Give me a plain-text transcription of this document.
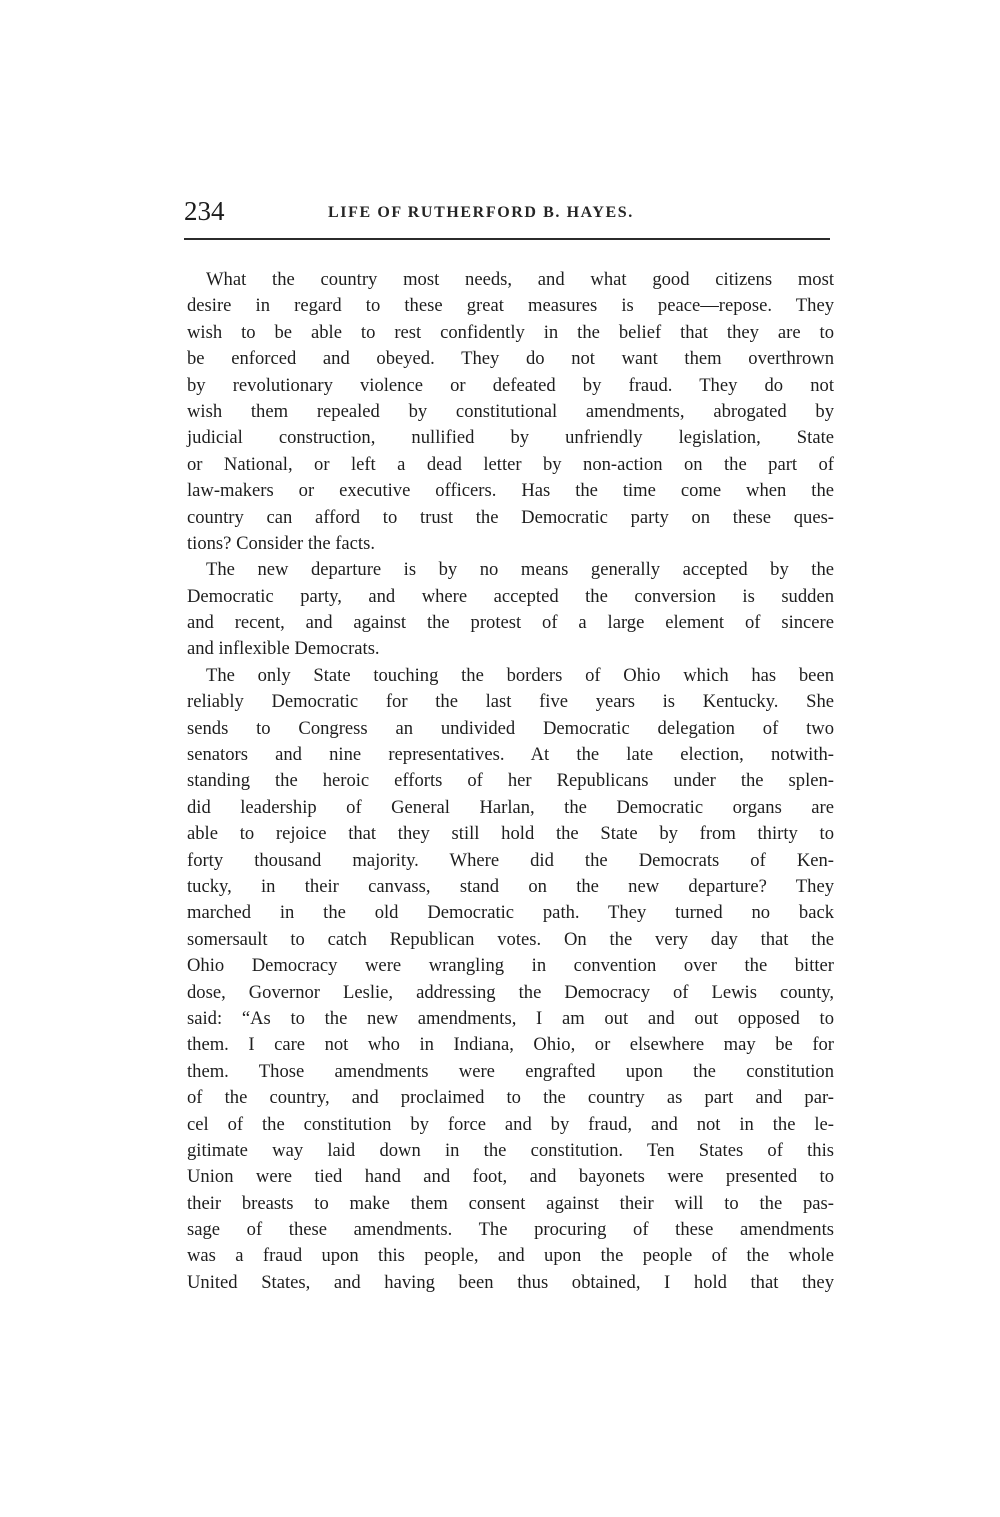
234	LIFE OF RUTHERFORD B. HAYES.
What the country most needs, and what good citizens most
desire in regard to these great measures is peace—repose. They
wish to be able to rest confidently in the belief that they are to
be enforced and obeyed. They do not want them overthrown
by revolutionary violence or defeated by fraud. They do not
wish them repealed by constitutional amendments, abrogated by
judicial construction, nullified by unfriendly legislation, State
or National, or left a dead letter by non-action on the part of
law-makers or executive officers. Has the time come when the
country can afford to trust the Democratic party on these ques-
tions? Consider the facts.
The new departure is by no means generally accepted by the
Democratic party, and where accepted the conversion is sudden
and recent, and against the protest of a large element of sincere
and inflexible Democrats.
The only State touching the borders of Ohio which has been
reliably Democratic for the last five years is Kentucky. She
sends to Congress an undivided Democratic delegation of two
senators and nine representatives. At the late election, notwith-
standing the heroic efforts of her Republicans under the splen-
did leadership of General Harlan, the Democratic organs are
able to rejoice that they still hold the State by from thirty to
forty thousand majority. Where did the Democrats of Ken-
tucky, in their canvass, stand on the new departure? They
marched in the old Democratic path. They turned no back
somersault to catch Republican votes. On the very day that the
Ohio Democracy were wrangling in convention over the bitter
dose, Governor Leslie, addressing the Democracy of Lewis county,
said: “As to the new amendments, I am out and out opposed to
them. I care not who in Indiana, Ohio, or elsewhere may be for
them. Those amendments were engrafted upon the constitution
of the country, and proclaimed to the country as part and par-
cel of the constitution by force and by fraud, and not in the le-
gitimate way laid down in the constitution. Ten States of this
Union were tied hand and foot, and bayonets were presented to
their breasts to make them consent against their will to the pas-
sage of these amendments. The procuring of these amendments
was a fraud upon this people, and upon the people of the whole
United States, and having been thus obtained, I hold that they
